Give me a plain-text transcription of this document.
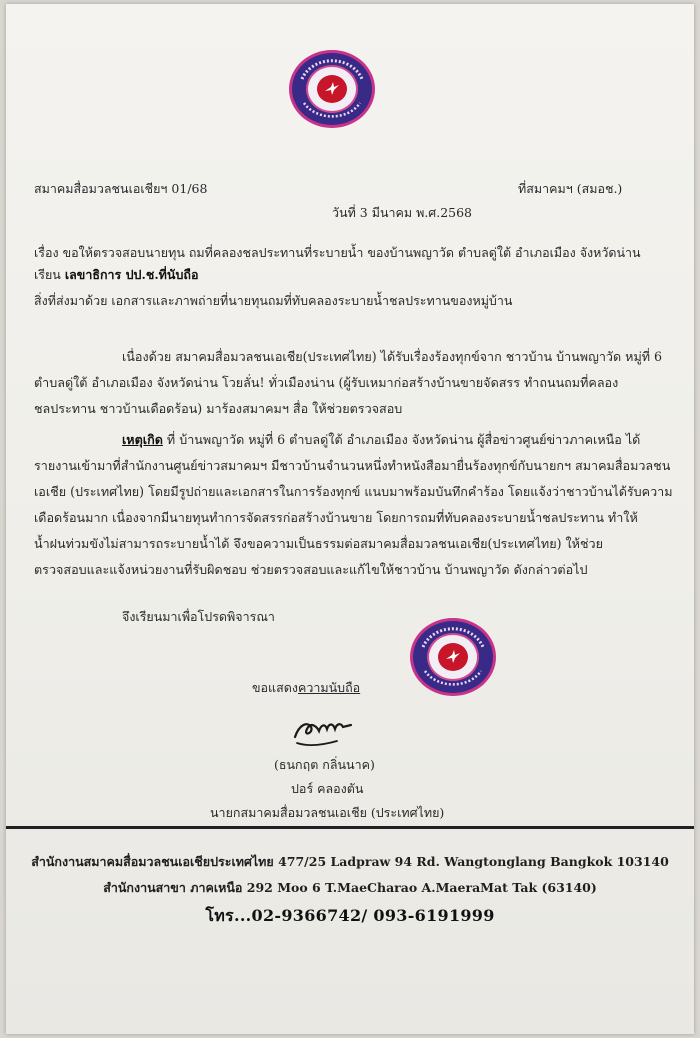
สมาคมสื่อมวลชนเอเชียฯ 01/68	ที่สมาคมฯ (สมอช.)
วันที่ 3 มีนาคม พ.ศ.2568
เรื่อง ขอให้ตรวจสอบนายทุน ถมที่คลองชลประทานที่ระบายน้ำ ของบ้านพญาวัด ตำบลดู่ใต้ อำเภอเมือง จังหวัดน่าน
เรียน เลขาธิการ ปป.ช.ที่นับถือ
สิ่งที่ส่งมาด้วย เอกสารและภาพถ่ายที่นายทุนถมที่ทับคลองระบายน้ำชลประทานของหมู่บ้าน
เนื่องด้วย สมาคมสื่อมวลชนเอเชีย(ประเทศไทย) ได้รับเรื่องร้องทุกข์จาก ชาวบ้าน บ้านพญาวัด หมู่ที่ 6
ตำบลดู่ใต้ อำเภอเมือง จังหวัดน่าน โวยลั่น! ทั่วเมืองน่าน (ผู้รับเหมาก่อสร้างบ้านขายจัดสรร ทำถนนถมที่คลอง
ชลประทาน ชาวบ้านเดือดร้อน) มาร้องสมาคมฯ สื่อ ให้ช่วยตรวจสอบ
เหตุเกิด ที่ บ้านพญาวัด หมู่ที่ 6 ตำบลดู่ใต้ อำเภอเมือง จังหวัดน่าน ผู้สื่อข่าวศูนย์ข่าวภาคเหนือ ได้
รายงานเข้ามาที่สำนักงานศูนย์ข่าวสมาคมฯ มีชาวบ้านจำนวนหนึ่งทำหนังสือมายื่นร้องทุกข์กับนายกฯ สมาคมสื่อมวลชน
เอเชีย (ประเทศไทย) โดยมีรูปถ่ายและเอกสารในการร้องทุกข์ แนบมาพร้อมบันทึกคำร้อง โดยแจ้งว่าชาวบ้านได้รับความ
เดือดร้อนมาก เนื่องจากมีนายทุนทำการจัดสรรก่อสร้างบ้านขาย โดยการถมที่ทับคลองระบายน้ำชลประทาน ทำให้
น้ำฝนท่วมขังไม่สามารถระบายน้ำได้ จึงขอความเป็นธรรมต่อสมาคมสื่อมวลชนเอเชีย(ประเทศไทย) ให้ช่วย
ตรวจสอบและแจ้งหน่วยงานที่รับผิดชอบ ช่วยตรวจสอบและแก้ไขให้ชาวบ้าน บ้านพญาวัด ดังกล่าวต่อไป
จึงเรียนมาเพื่อโปรดพิจารณา
ขอแสดงความนับถือ
(ธนกฤต กลิ่นนาค)
ปอร์ คลองตัน
นายกสมาคมสื่อมวลชนเอเชีย (ประเทศไทย)
สำนักงานสมาคมสื่อมวลชนเอเชียประเทศไทย 477/25 Ladpraw 94 Rd. Wangtonglang Bangkok 103140
สำนักงานสาขา ภาคเหนือ 292 Moo 6 T.MaeCharao A.MaeraMat Tak (63140)
โทร...02-9366742/ 093-6191999
